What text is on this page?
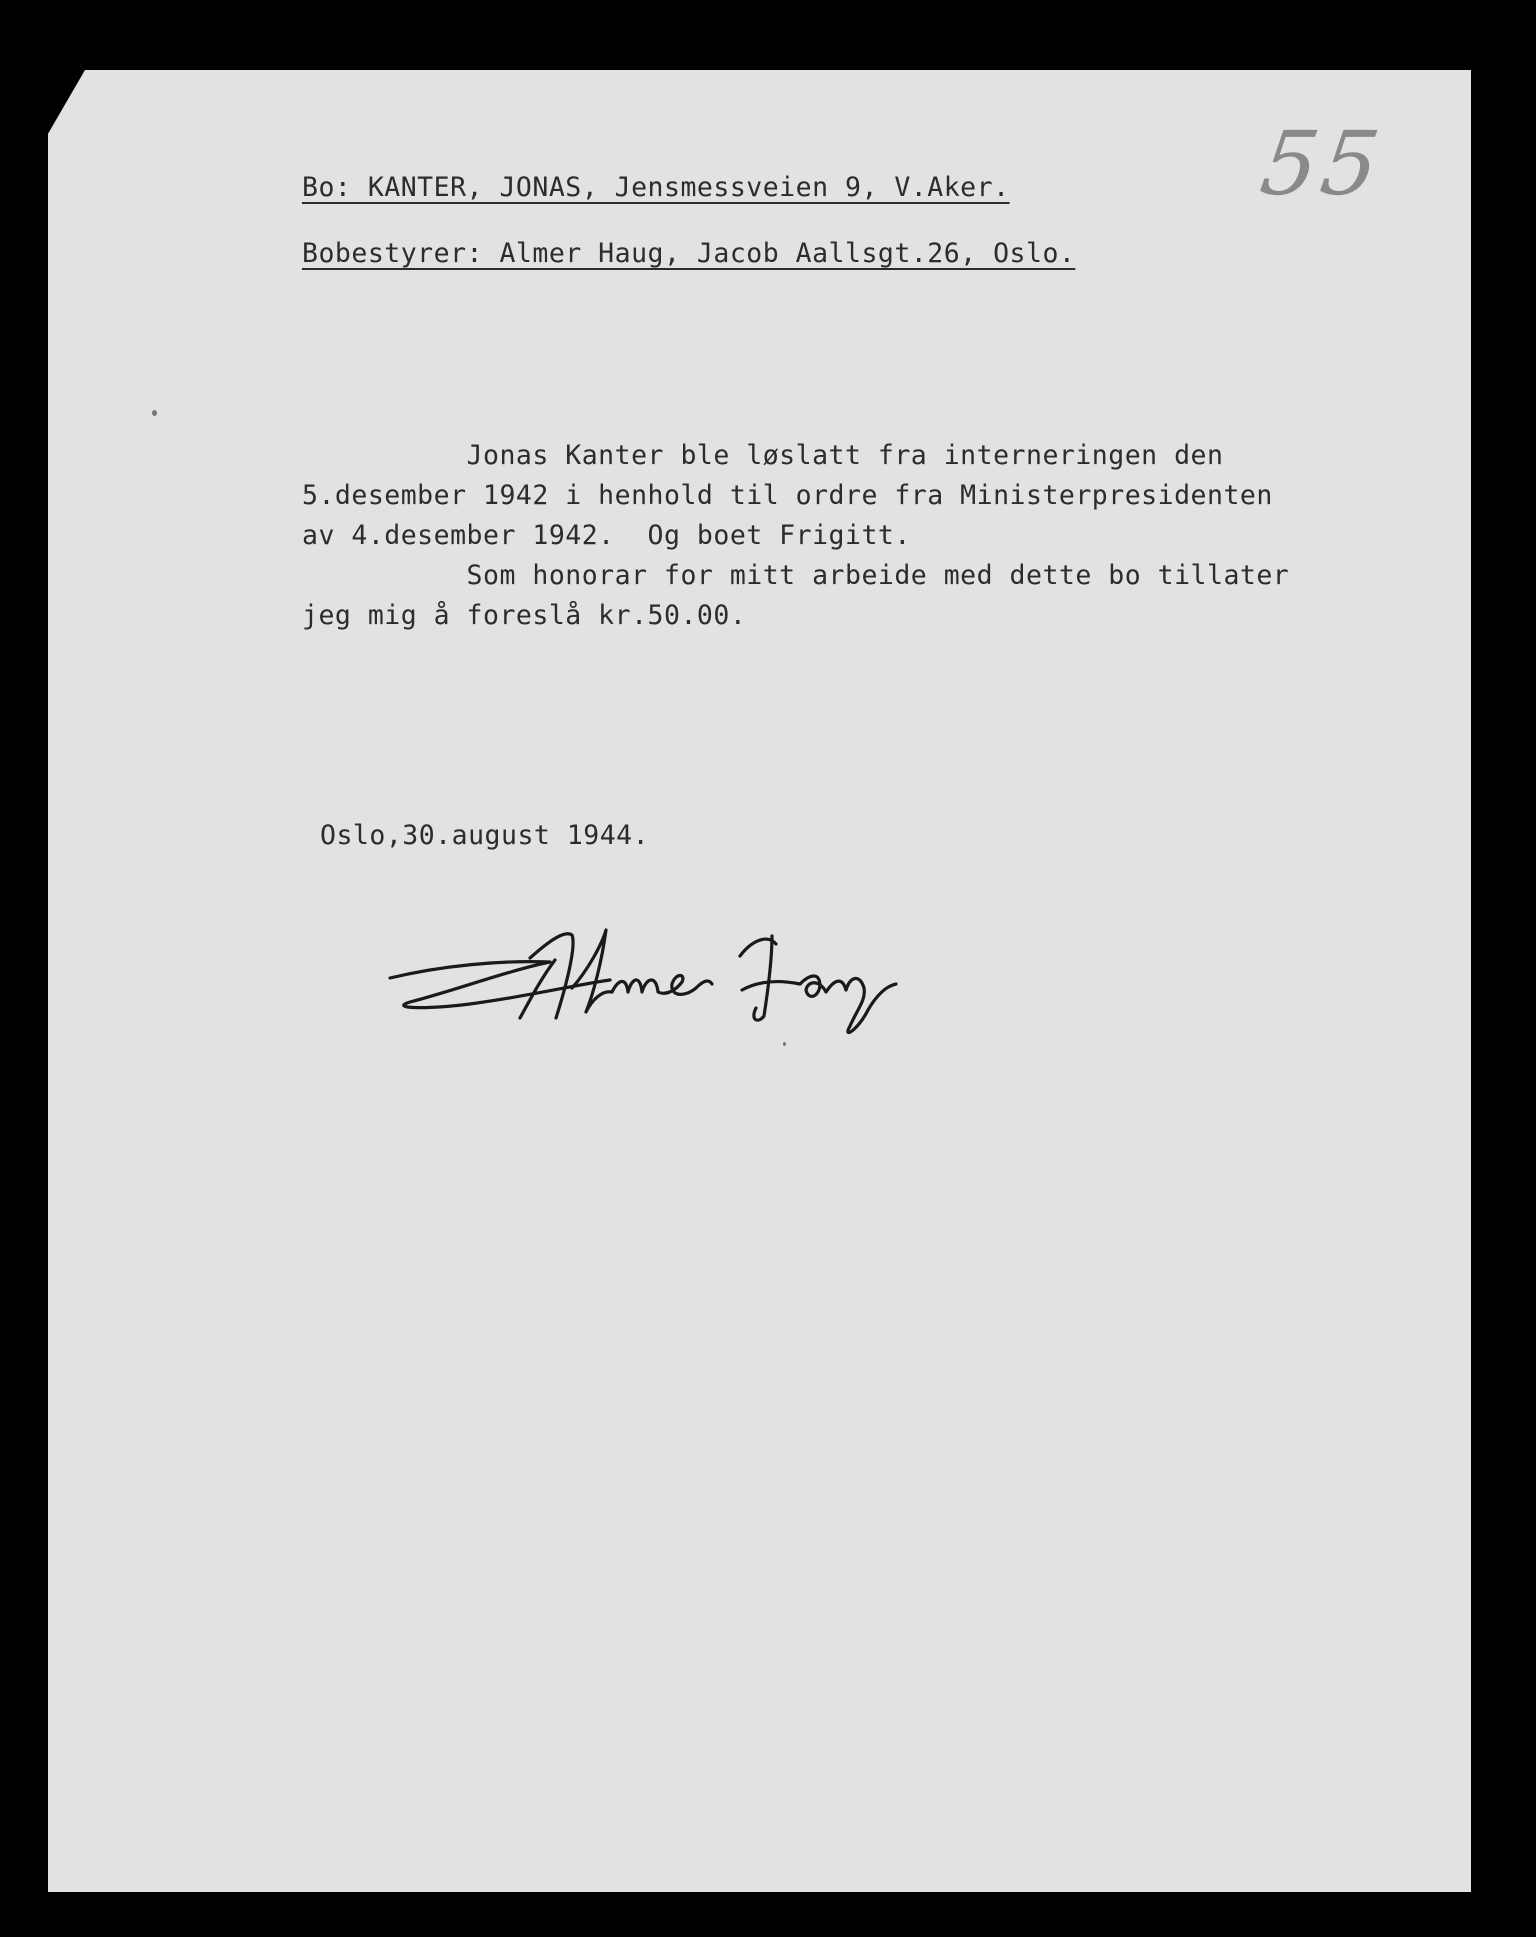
55
Bo: KANTER, JONAS, Jensmessveien 9, V.Aker.
Bobestyrer: Almer Haug, Jacob Aallsgt.26, Oslo.
Jonas Kanter ble løslatt fra interneringen den
5.desember 1942 i henhold til ordre fra Ministerpresidenten
av 4.desember 1942.  Og boet Frigitt.
Som honorar for mitt arbeide med dette bo tillater
jeg mig å foreslå kr.50.00.
Oslo,30.august 1944.
